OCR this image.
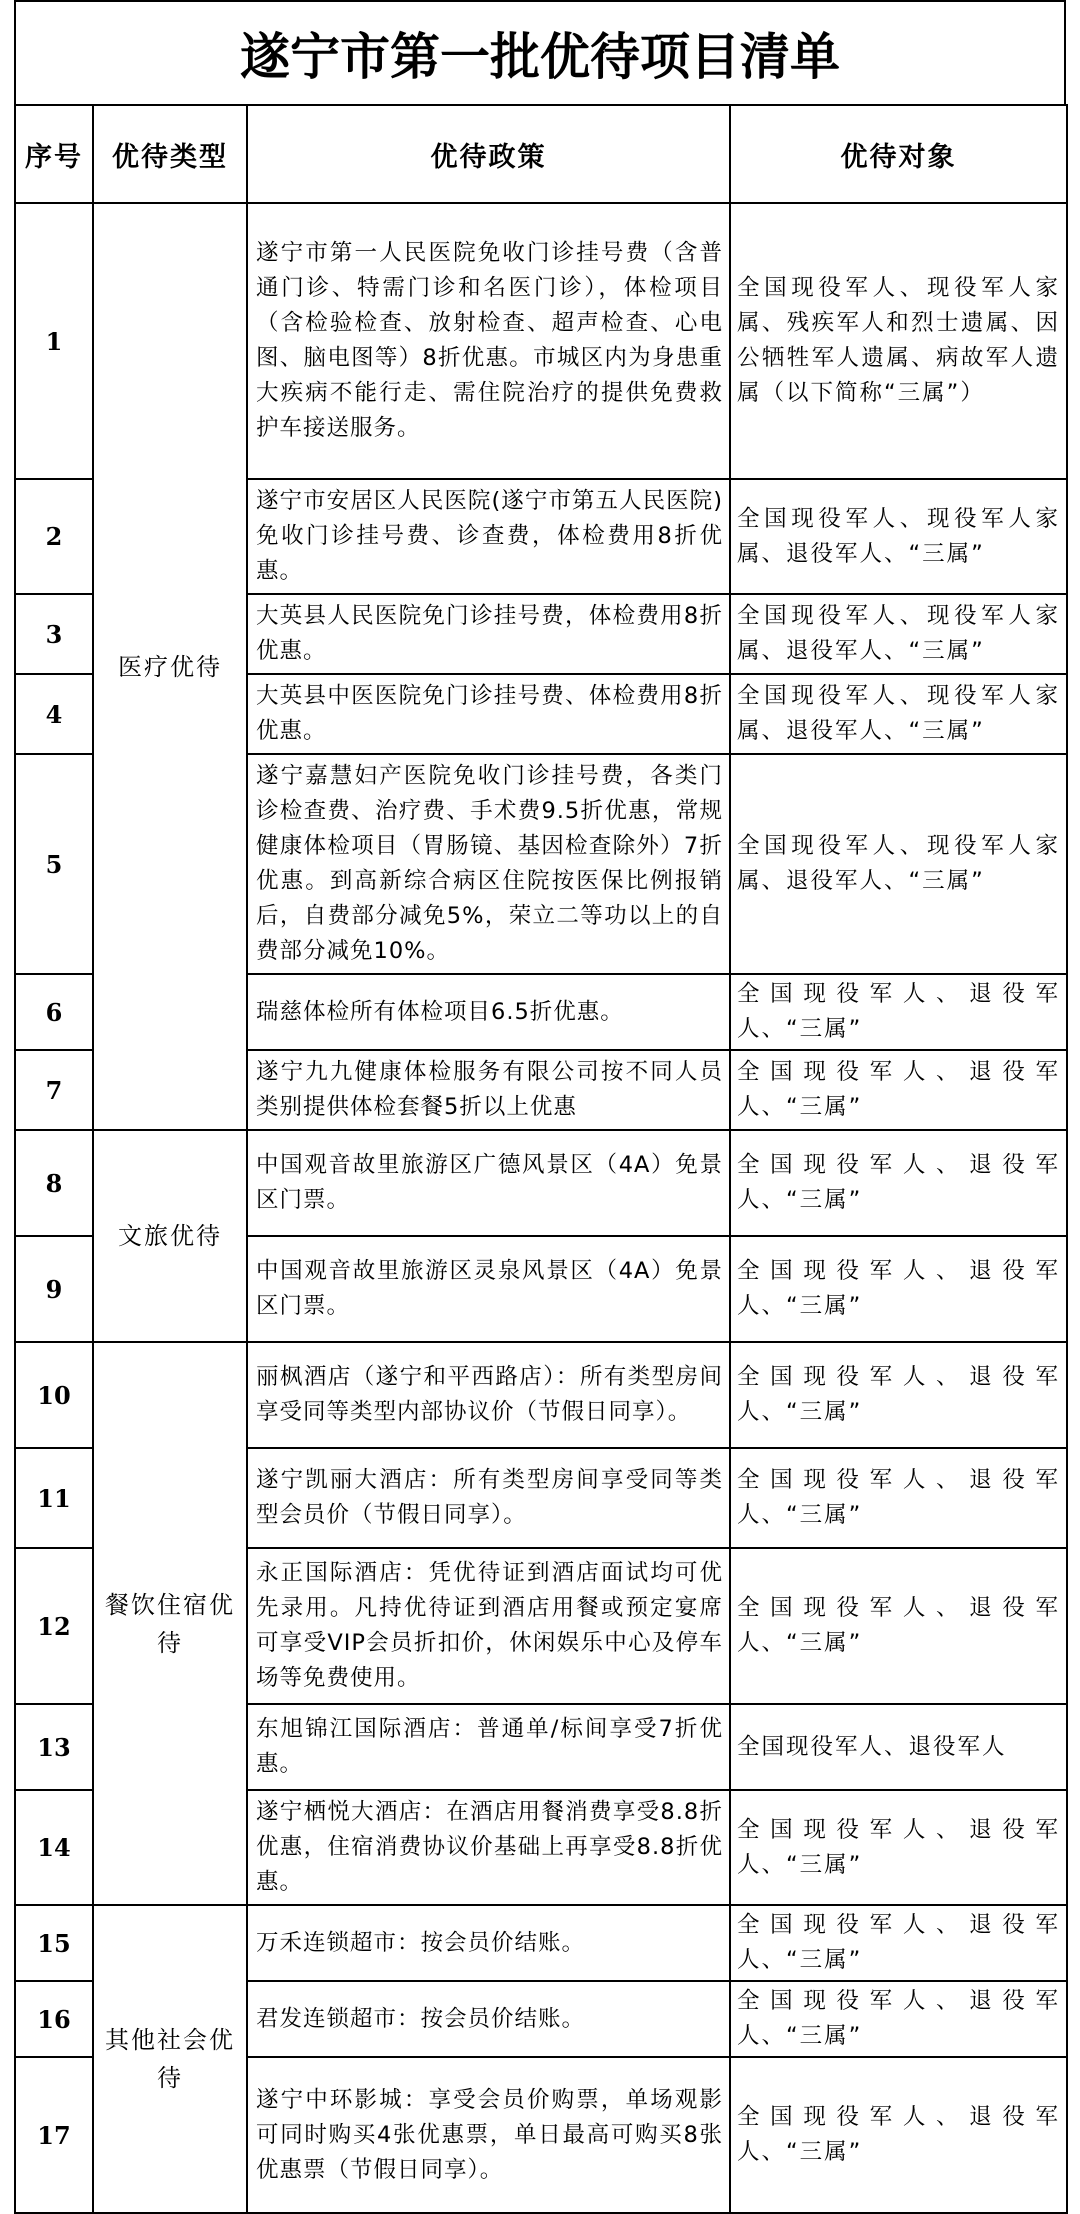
遂宁市第一批优待项目清单
序号	优待类型	优待政策	优待对象
1	医疗优待	遂宁市第一人民医院免收门诊挂号费（含普通门诊、特需门诊和名医门诊），体检项目（含检验检查、放射检查、超声检查、心电图、脑电图等）8折优惠。市城区内为身患重大疾病不能行走、需住院治疗的提供免费救护车接送服务。	全国现役军人、现役军人家属、残疾军人和烈士遗属、因公牺牲军人遗属、病故军人遗属（以下简称“三属”）
2		遂宁市安居区人民医院(遂宁市第五人民医院)免收门诊挂号费、诊查费，体检费用8折优惠。	全国现役军人、现役军人家属、退役军人、“三属”
3		大英县人民医院免门诊挂号费，体检费用8折优惠。	全国现役军人、现役军人家属、退役军人、“三属”
4		大英县中医医院免门诊挂号费、体检费用8折优惠。	全国现役军人、现役军人家属、退役军人、“三属”
5		遂宁嘉慧妇产医院免收门诊挂号费，各类门诊检查费、治疗费、手术费9.5折优惠，常规健康体检项目（胃肠镜、基因检查除外）7折优惠。到高新综合病区住院按医保比例报销后，自费部分减免5%，荣立二等功以上的自费部分减免10%。	全国现役军人、现役军人家属、退役军人、“三属”
6		瑞慈体检所有体检项目6.5折优惠。	全国现役军人、退役军人、“三属”
7		遂宁九九健康体检服务有限公司按不同人员类别提供体检套餐5折以上优惠	全国现役军人、退役军人、“三属”
8	文旅优待	中国观音故里旅游区广德风景区（4A）免景区门票。	全国现役军人、退役军人、“三属”
9		中国观音故里旅游区灵泉风景区（4A）免景区门票。	全国现役军人、退役军人、“三属”
10	餐饮住宿优待	丽枫酒店（遂宁和平西路店）：所有类型房间享受同等类型内部协议价（节假日同享）。	全国现役军人、退役军人、“三属”
11		遂宁凯丽大酒店：所有类型房间享受同等类型会员价（节假日同享）。	全国现役军人、退役军人、“三属”
12		永正国际酒店：凭优待证到酒店面试均可优先录用。凡持优待证到酒店用餐或预定宴席可享受VIP会员折扣价，休闲娱乐中心及停车场等免费使用。	全国现役军人、退役军人、“三属”
13		东旭锦江国际酒店：普通单/标间享受7折优惠。	全国现役军人、退役军人
14		遂宁栖悦大酒店：在酒店用餐消费享受8.8折优惠，住宿消费协议价基础上再享受8.8折优惠。	全国现役军人、退役军人、“三属”
15	其他社会优待	万禾连锁超市：按会员价结账。	全国现役军人、退役军人、“三属”
16		君发连锁超市：按会员价结账。	全国现役军人、退役军人、“三属”
17		遂宁中环影城：享受会员价购票，单场观影可同时购买4张优惠票，单日最高可购买8张优惠票（节假日同享）。	全国现役军人、退役军人、“三属”
